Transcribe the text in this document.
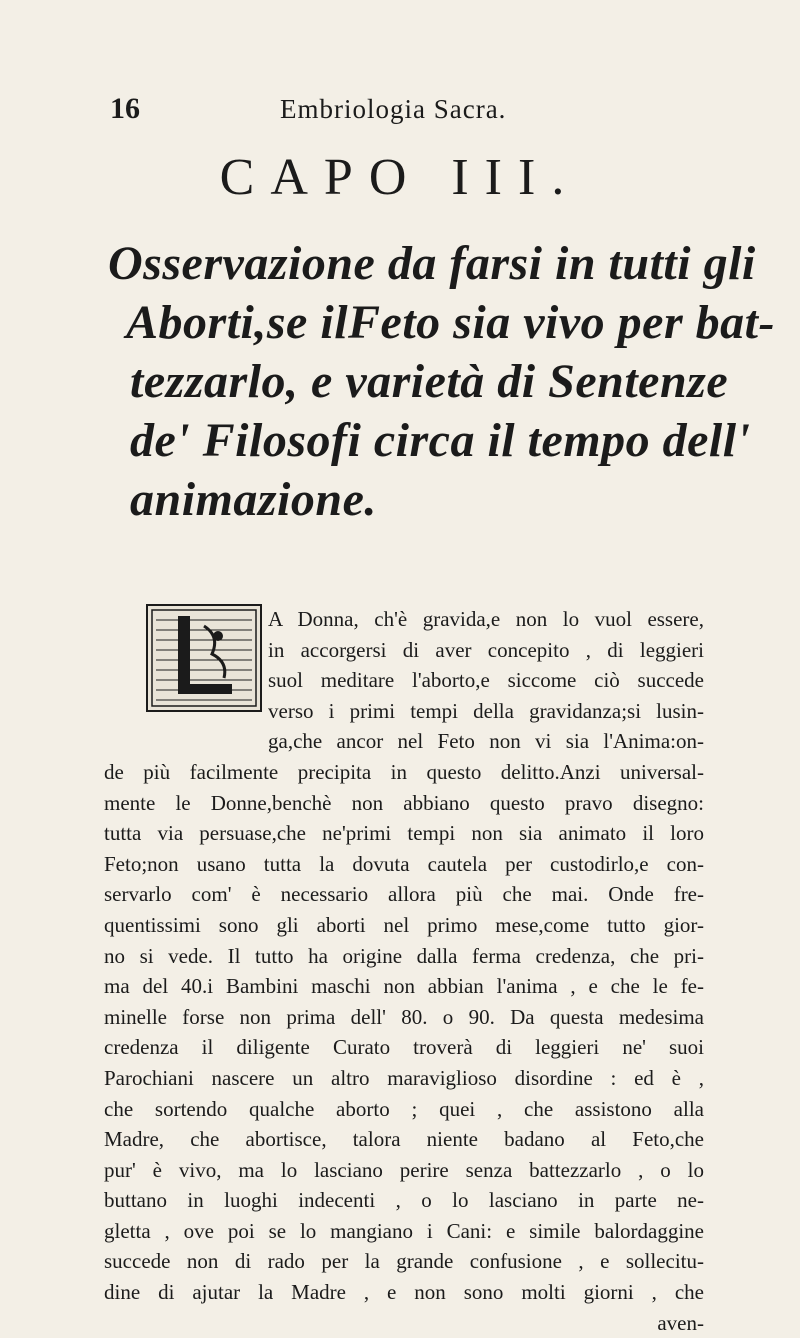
16	Embriologia Sacra.
CAPO III.
Osservazione da farsi in tutti gli
Aborti,se ilFeto sia vivo per bat-
tezzarlo, e varietà di Sentenze
de' Filosofi circa il tempo dell'
animazione.
A Donna, ch'è gravida,e non lo vuol essere,
in accorgersi di aver concepito , di leggieri
suol meditare l'aborto,e siccome ciò succede
verso i primi tempi della gravidanza;si lusin-
ga,che ancor nel Feto non vi sia l'Anima:on-
de più facilmente precipita in questo delitto.Anzi universal-
mente le Donne,benchè non abbiano questo pravo disegno:
tutta via persuase,che ne'primi tempi non sia animato il loro
Feto;non usano tutta la dovuta cautela per custodirlo,e con-
servarlo com' è necessario allora più che mai. Onde fre-
quentissimi sono gli aborti nel primo mese,come tutto gior-
no si vede. Il tutto ha origine dalla ferma credenza, che pri-
ma del 40.i Bambini maschi non abbian l'anima , e che le fe-
minelle forse non prima dell' 80. o 90. Da questa medesima
credenza il diligente Curato troverà di leggieri ne' suoi
Parochiani nascere un altro maraviglioso disordine : ed è ,
che sortendo qualche aborto ; quei , che assistono alla
Madre, che abortisce, talora niente badano al Feto,che
pur' è vivo, ma lo lasciano perire senza battezzarlo , o lo
buttano in luoghi indecenti , o lo lasciano in parte ne-
gletta , ove poi se lo mangiano i Cani: e simile balordaggine
succede non di rado per la grande confusione , e sollecitu-
dine di ajutar la Madre , e non sono molti giorni , che
aven-
